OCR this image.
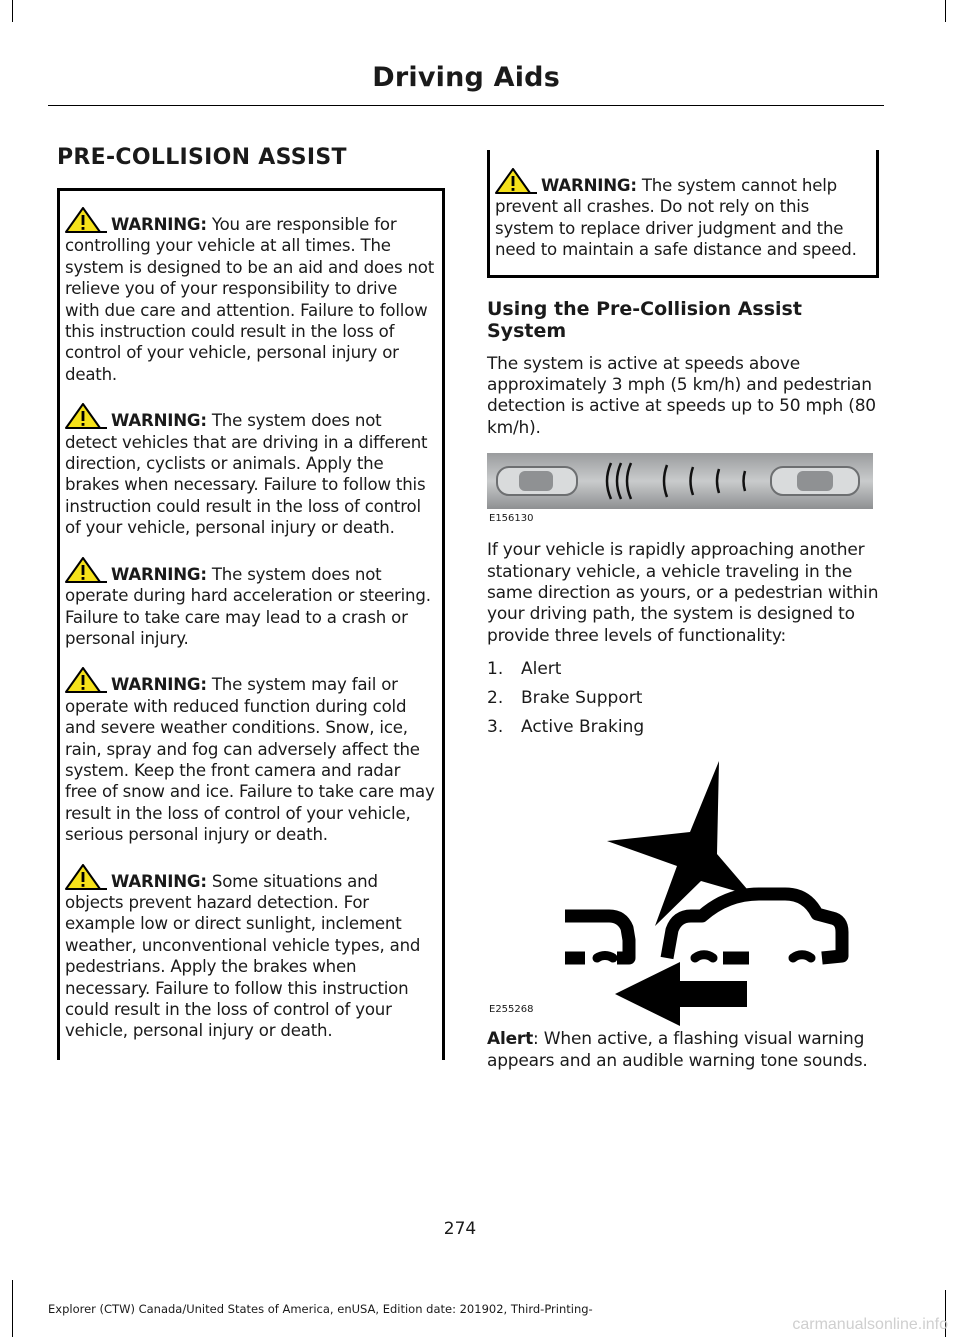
Driving Aids
PRE-COLLISION ASSIST

WARNING: You are responsible for controlling your vehicle at all times. The system is designed to be an aid and does not relieve you of your responsibility to drive with due care and attention. Failure to follow this instruction could result in the loss of control of your vehicle, personal injury or death.

WARNING: The system does not detect vehicles that are driving in a different direction, cyclists or animals. Apply the brakes when necessary. Failure to follow this instruction could result in the loss of control of your vehicle, personal injury or death.

WARNING: The system does not operate during hard acceleration or steering. Failure to take care may lead to a crash or personal injury.

WARNING: The system may fail or operate with reduced function during cold and severe weather conditions. Snow, ice, rain, spray and fog can adversely affect the system. Keep the front camera and radar free of snow and ice. Failure to take care may result in the loss of control of your vehicle, serious personal injury or death.

WARNING: Some situations and objects prevent hazard detection. For example low or direct sunlight, inclement weather, unconventional vehicle types, and pedestrians. Apply the brakes when necessary. Failure to follow this instruction could result in the loss of control of your vehicle, personal injury or death.

WARNING: The system cannot help prevent all crashes. Do not rely on this system to replace driver judgment and the need to maintain a safe distance and speed.

Using the Pre-Collision Assist System

The system is active at speeds above approximately 3 mph (5 km/h) and pedestrian detection is active at speeds up to 50 mph (80 km/h).

E156130

If your vehicle is rapidly approaching another stationary vehicle, a vehicle traveling in the same direction as yours, or a pedestrian within your driving path, the system is designed to provide three levels of functionality:

1.	Alert
2.	Brake Support
3.	Active Braking
E255268

Alert: When active, a flashing visual warning appears and an audible warning tone sounds.

274
Explorer (CTW) Canada/United States of America, enUSA, Edition date: 201902, Third-Printing-
carmanualsonline.info
